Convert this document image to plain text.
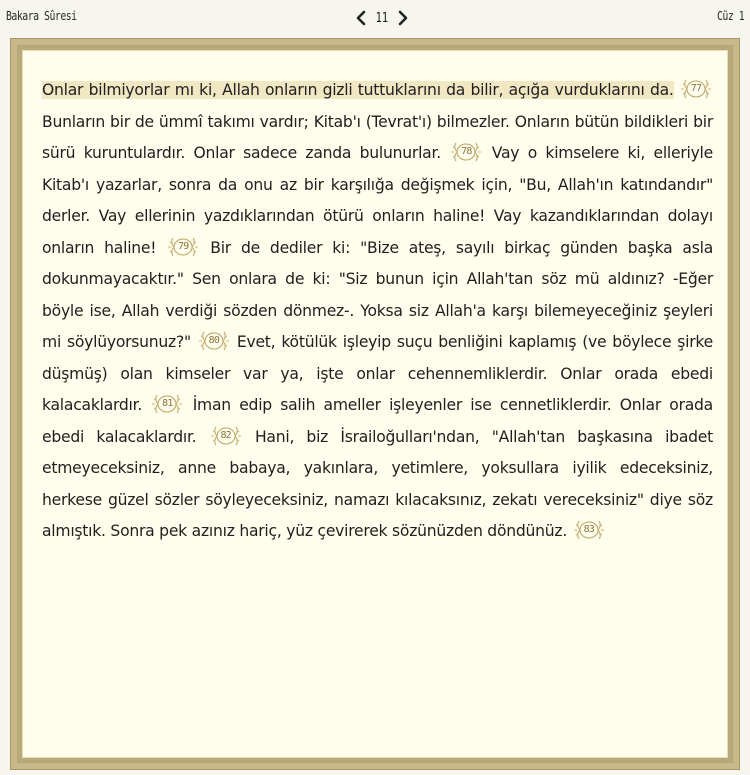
Bakara Sûresi	11	Cüz 1

Onlar bilmiyorlar mı ki, Allah onların gizli tuttuklarını da bilir, açığa vurduklarını da.	77
Bunların bir de ümmî takımı vardır; Kitab'ı (Tevrat'ı) bilmezler. Onların bütün bildikleri bir sürü kuruntulardır. Onlar sadece zanda bulunurlar.	78	Vay o kimselere ki, elleriyle Kitab'ı yazarlar, sonra da onu az bir karşılığa değişmek için, "Bu, Allah'ın katındandır" derler. Vay ellerinin yazdıklarından ötürü onların haline! Vay kazandıklarından dolayı onların haline!	79	Bir de dediler ki: "Bize ateş, sayılı birkaç günden başka asla dokunmayacaktır." Sen onlara de ki: "Siz bunun için Allah'tan söz mü aldınız? -Eğer böyle ise, Allah verdiği sözden dönmez-. Yoksa siz Allah'a karşı bilemeyeceğiniz şeyleri mi söylüyorsunuz?"	80	Evet, kötülük işleyip suçu benliğini kaplamış (ve böylece şirke düşmüş) olan kimseler var ya, işte onlar cehennemliklerdir. Onlar orada ebedi kalacaklardır.	81	İman edip salih ameller işleyenler ise cennetliklerdir. Onlar orada ebedi kalacaklardır.	82	Hani, biz İsrailoğulları'ndan, "Allah'tan başkasına ibadet etmeyeceksiniz, anne babaya, yakınlara, yetimlere, yoksullara iyilik edeceksiniz, herkese güzel sözler söyleyeceksiniz, namazı kılacaksınız, zekatı vereceksiniz" diye söz almıştık. Sonra pek azınız hariç, yüz çevirerek sözünüzden döndünüz.	83
